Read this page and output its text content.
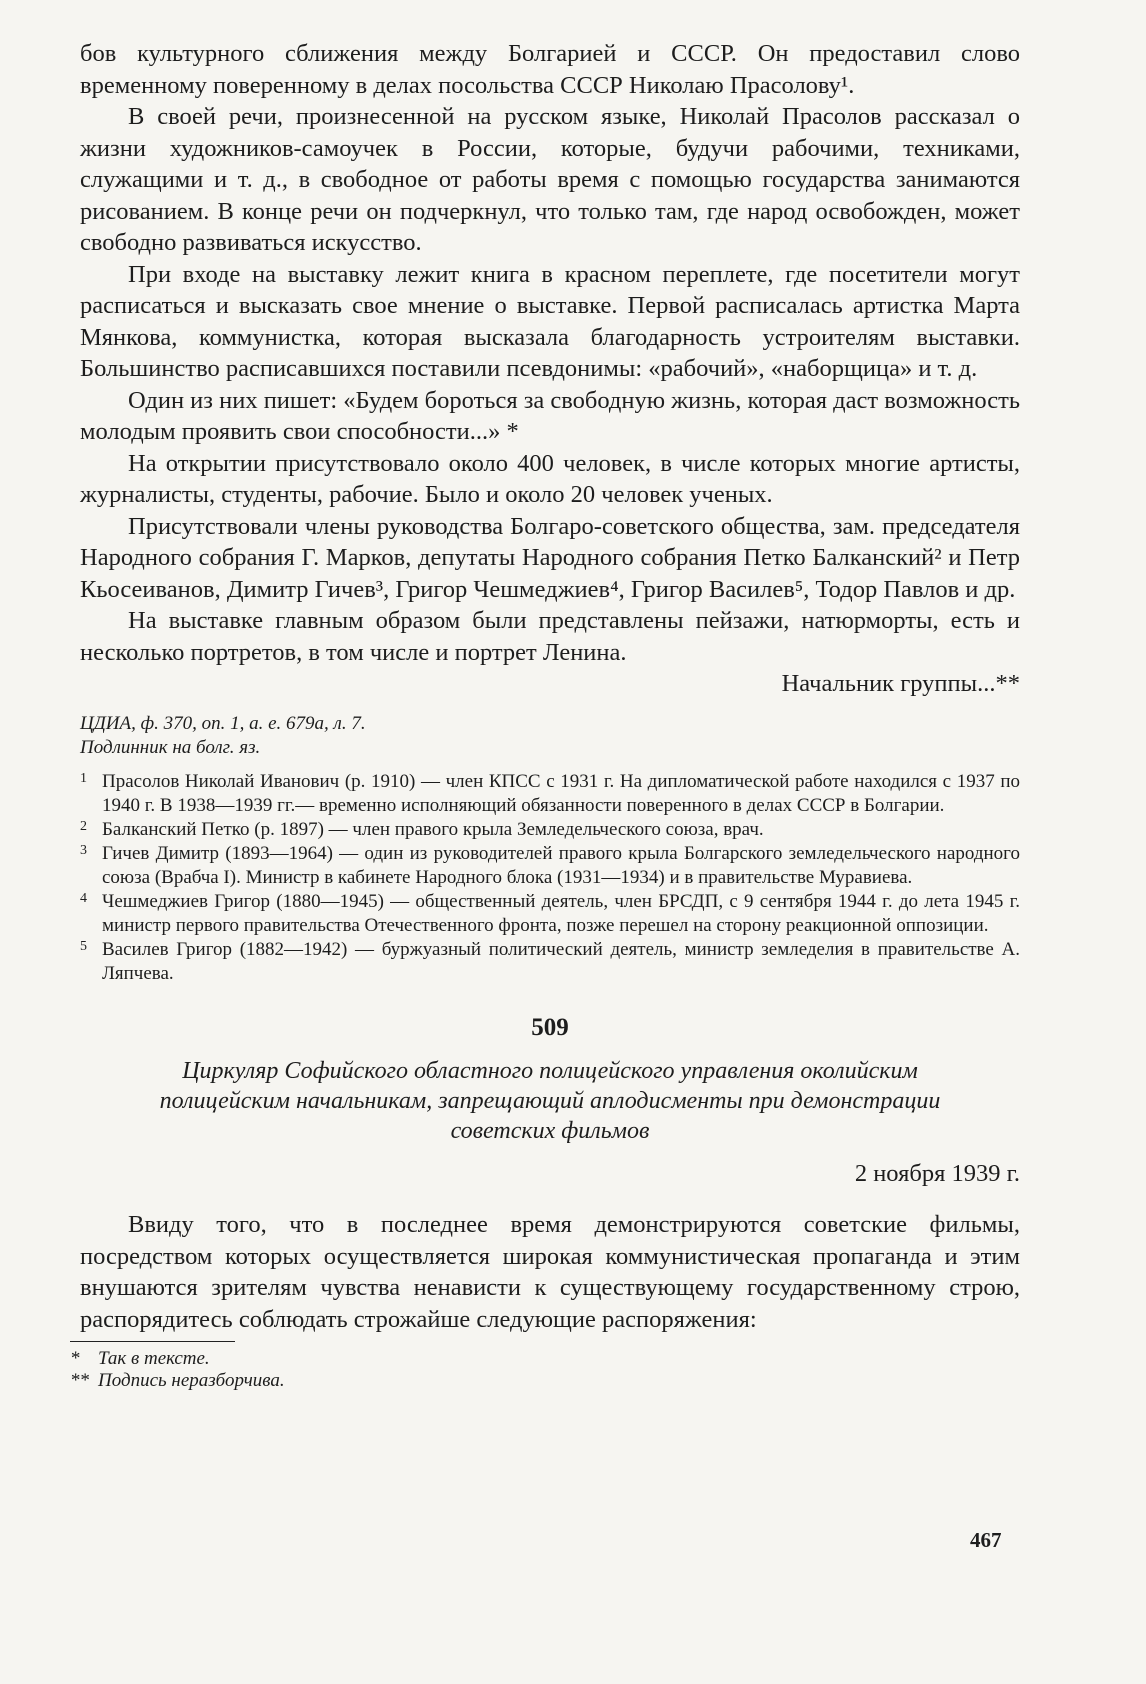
бов культурного сближения между Болгарией и СССР. Он предоставил слово временному поверенному в делах посольства СССР Николаю Прасолову¹.

В своей речи, произнесенной на русском языке, Николай Прасолов рассказал о жизни художников-самоучек в России, которые, будучи рабочими, техниками, служащими и т. д., в свободное от работы время с помощью государства занимаются рисованием. В конце речи он подчеркнул, что только там, где народ освобожден, может свободно развиваться искусство.

При входе на выставку лежит книга в красном переплете, где посетители могут расписаться и высказать свое мнение о выставке. Первой расписалась артистка Марта Мянкова, коммунистка, которая высказала благодарность устроителям выставки. Большинство расписавшихся поставили псевдонимы: «рабочий», «наборщица» и т. д.

Один из них пишет: «Будем бороться за свободную жизнь, которая даст возможность молодым проявить свои способности...» *

На открытии присутствовало около 400 человек, в числе которых многие артисты, журналисты, студенты, рабочие. Было и около 20 человек ученых.

Присутствовали члены руководства Болгаро-советского общества, зам. председателя Народного собрания Г. Марков, депутаты Народного собрания Петко Балканский² и Петр Кьосеиванов, Димитр Гичев³, Григор Чешмеджиев⁴, Григор Василев⁵, Тодор Павлов и др.

На выставке главным образом были представлены пейзажи, натюрморты, есть и несколько портретов, в том числе и портрет Ленина.

Начальник группы...**

ЦДИА, ф. 370, оп. 1, а. е. 679а, л. 7.
Подлинник на болг. яз.

1 Прасолов Николай Иванович (р. 1910) — член КПСС с 1931 г. На дипломатической работе находился с 1937 по 1940 г. В 1938—1939 гг.— временно исполняющий обязанности поверенного в делах СССР в Болгарии.

2 Балканский Петко (р. 1897) — член правого крыла Земледельческого союза, врач.

3 Гичев Димитр (1893—1964) — один из руководителей правого крыла Болгарского земледельческого народного союза (Врабча I). Министр в кабинете Народного блока (1931—1934) и в правительстве Муравиева.

4 Чешмеджиев Григор (1880—1945) — общественный деятель, член БРСДП, с 9 сентября 1944 г. до лета 1945 г. министр первого правительства Отечественного фронта, позже перешел на сторону реакционной оппозиции.

5 Василев Григор (1882—1942) — буржуазный политический деятель, министр земледелия в правительстве А. Ляпчева.

509
Циркуляр Софийского областного полицейского управления околийским полицейским начальникам, запрещающий аплодисменты при демонстрации советских фильмов
2 ноября 1939 г.

Ввиду того, что в последнее время демонстрируются советские фильмы, посредством которых осуществляется широкая коммунистическая пропаганда и этим внушаются зрителям чувства ненависти к существующему государственному строю, распорядитесь соблюдать строжайше следующие распоряжения:

* Так в тексте.

** Подпись неразборчива.

467
